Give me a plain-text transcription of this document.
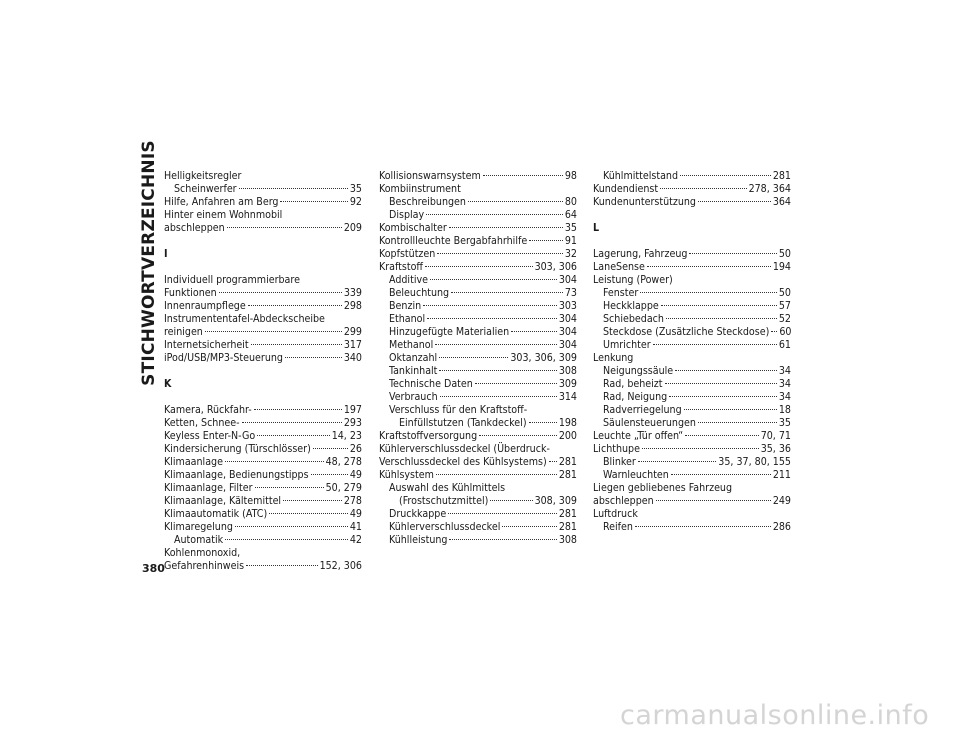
STICHWORTVERZEICHNIS Helligkeitsregler
Scheinwerfer	35
Hilfe, Anfahren am Berg	92
Hinter einem Wohnmobil
abschleppen	209
I
Individuell programmierbare
Funktionen	339
Innenraumpflege	298
Instrumententafel-Abdeckscheibe
reinigen	299
Internetsicherheit	317
iPod/USB/MP3-Steuerung	340
K
Kamera, Rückfahr-	197
Ketten, Schnee-	293
Keyless Enter-N-Go	14, 23
Kindersicherung (Türschlösser)	26
Klimaanlage	48, 278
Klimaanlage, Bedienungstipps	49
Klimaanlage, Filter	50, 279
Klimaanlage, Kältemittel	278
Klimaautomatik (ATC)	49
Klimaregelung	41
Automatik	42
Kohlenmonoxid,
Gefahrenhinweis	152, 306
Kollisionswarnsystem	98
Kombiinstrument
Beschreibungen	80
Display	64
Kombischalter	35
Kontrollleuchte Bergabfahrhilfe	91
Kopfstützen	32
Kraftstoff	303, 306
Additive	304
Beleuchtung	73
Benzin	303
Ethanol	304
Hinzugefügte Materialien	304
Methanol	304
Oktanzahl	303, 306, 309
Tankinhalt	308
Technische Daten	309
Verbrauch	314
Verschluss für den Kraftstoff-
Einfüllstutzen (Tankdeckel)	198
Kraftstoffversorgung	200
Kühlerverschlussdeckel (Überdruck-
Verschlussdeckel des Kühlsystems) 281
Kühlsystem	281
Auswahl des Kühlmittels
(Frostschutzmittel)	308, 309
Druckkappe	281
Kühlerverschlussdeckel	281
Kühlleistung	308
Kühlmittelstand	281
Kundendienst	278, 364
Kundenunterstützung	364
L
Lagerung, Fahrzeug	50
LaneSense	194
Leistung (Power)
Fenster	50
Heckklappe	57
Schiebedach	52
Steckdose (Zusätzliche Steckdose) 60
Umrichter	61
Lenkung
Neigungssäule	34
Rad, beheizt	34
Rad, Neigung	34
Radverriegelung	18
Säulensteuerungen	35
Leuchte „Tür offen“	70, 71
Lichthupe	35, 36
Blinker	35, 37, 80, 155
Warnleuchten	211
Liegen gebliebenes Fahrzeug
abschleppen	249
Luftdruck
Reifen	286
380
carmanualsonline.info
